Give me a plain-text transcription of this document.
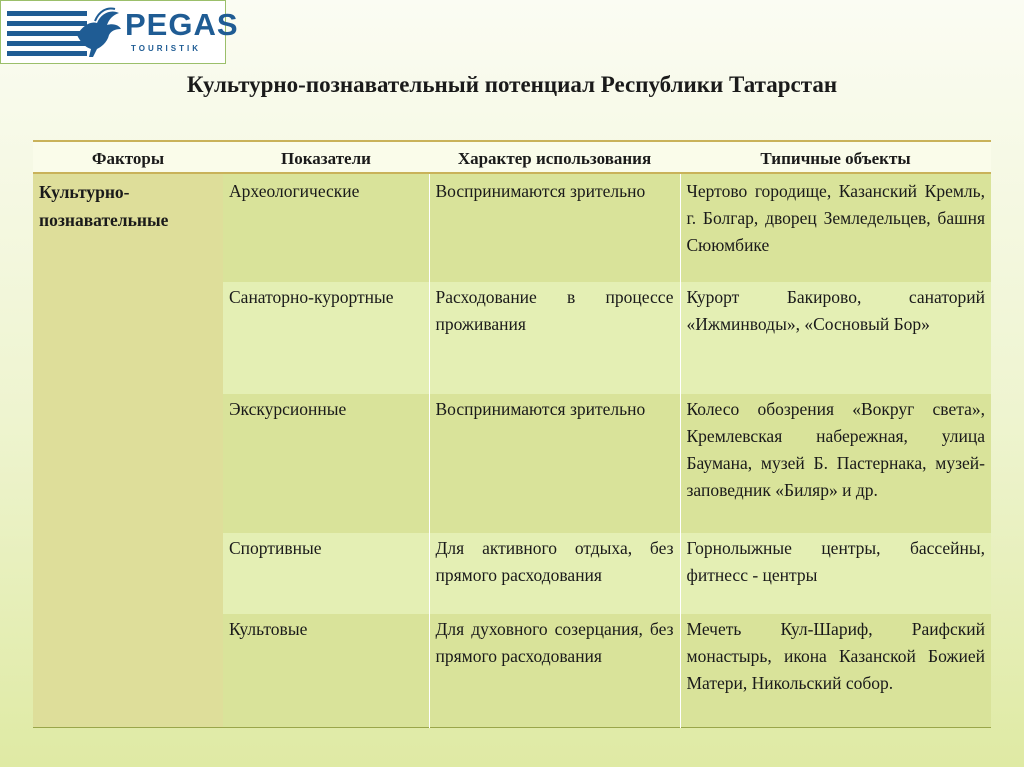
PEGAS
TOURISTIK
Культурно-познавательный потенциал Республики Татарстан
Факторы	Показатели	Характер использования	Типичные объекты
Культурно-познавательные	Археологические	Воспринимаются зрительно	Чертово городище, Казанский Кремль, г. Болгар, дворец Земледельцев, башня Сююмбике
	Санаторно-курортные	Расходование в процессе проживания	Курорт Бакирово, санаторий «Ижминводы», «Сосновый Бор»
	Экскурсионные	Воспринимаются зрительно	Колесо обозрения «Вокруг света», Кремлевская набережная, улица Баумана, музей Б. Пастернака, музей-заповедник «Биляр» и др.
	Спортивные	Для активного отдыха, без прямого расходования	Горнолыжные центры, бассейны, фитнесс - центры
	Культовые	Для духовного созерцания, без прямого расходования	Мечеть Кул-Шариф, Раифский монастырь, икона Казанской Божией Матери, Никольский собор.
